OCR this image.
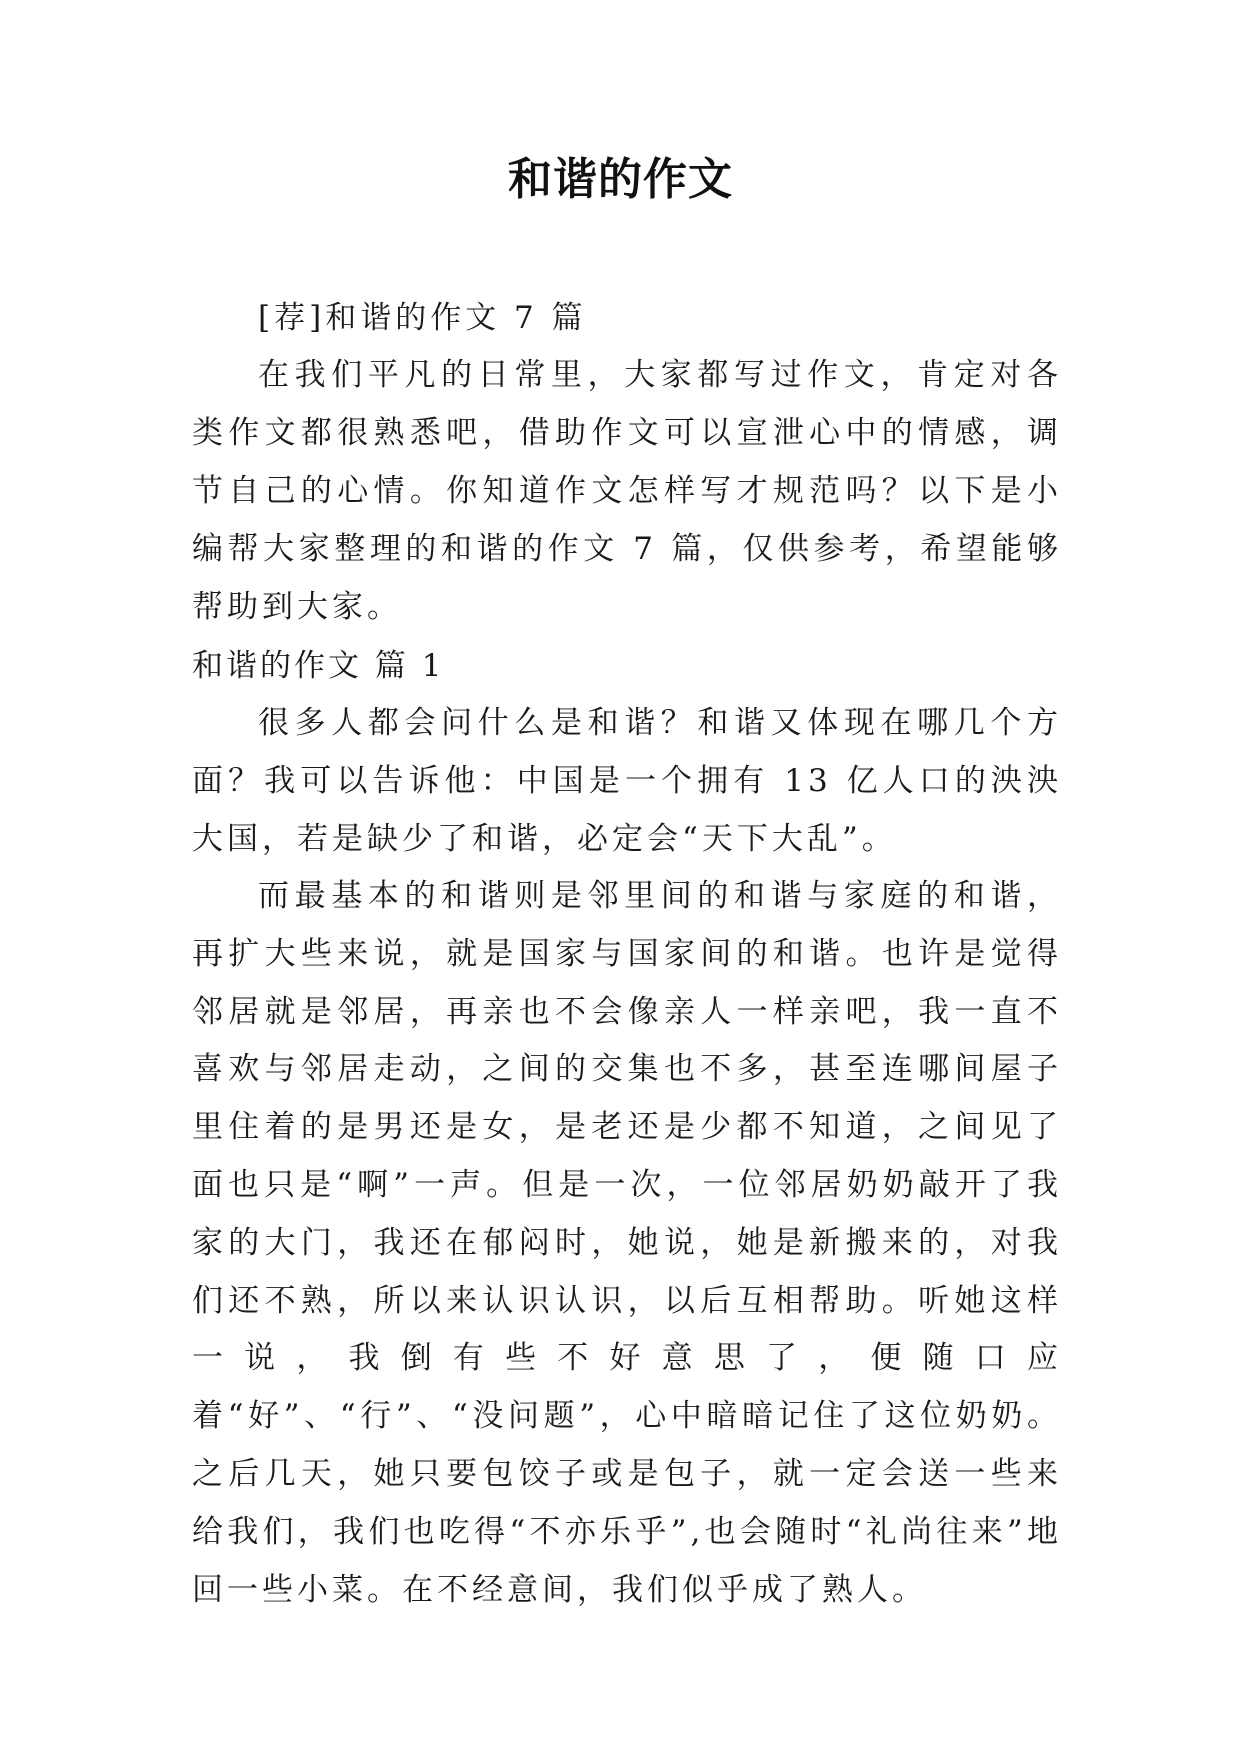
和谐的作文
[荐]和谐的作文 7 篇
在我们平凡的日常里，大家都写过作文，肯定对各类作文都很熟悉吧，借助作文可以宣泄心中的情感，调节自己的心情。你知道作文怎样写才规范吗？以下是小编帮大家整理的和谐的作文 7 篇，仅供参考，希望能够帮助到大家。
和谐的作文 篇 1
很多人都会问什么是和谐？和谐又体现在哪几个方面？我可以告诉他：中国是一个拥有 13 亿人口的泱泱大国，若是缺少了和谐，必定会“天下大乱”。
而最基本的和谐则是邻里间的和谐与家庭的和谐，再扩大些来说，就是国家与国家间的和谐。也许是觉得邻居就是邻居，再亲也不会像亲人一样亲吧，我一直不喜欢与邻居走动，之间的交集也不多，甚至连哪间屋子里住着的是男还是女，是老还是少都不知道，之间见了面也只是“啊”一声。但是一次，一位邻居奶奶敲开了我家的大门，我还在郁闷时，她说，她是新搬来的，对我们还不熟，所以来认识认识，以后互相帮助。听她这样一说，我倒有些不好意思了，便随口应着“好”、“行”、“没问题”，心中暗暗记住了这位奶奶。之后几天，她只要包饺子或是包子，就一定会送一些来给我们，我们也吃得“不亦乐乎”,也会随时“礼尚往来”地回一些小菜。在不经意间，我们似乎成了熟人。
